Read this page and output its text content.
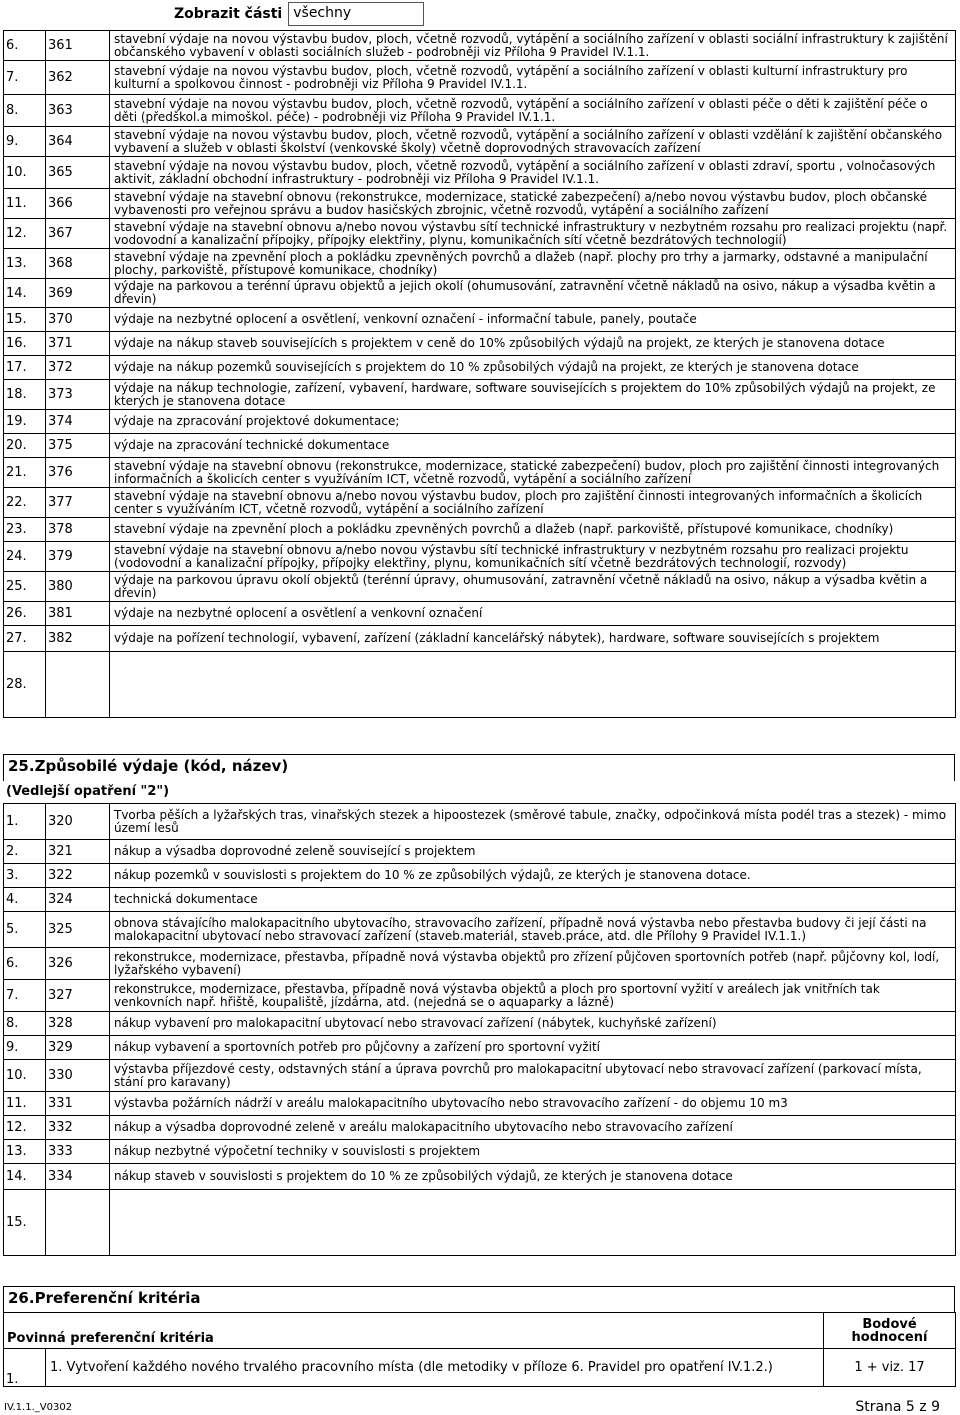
Zobrazit části všechny
6.	361	stavební výdaje na novou výstavbu budov, ploch, včetně rozvodů, vytápění a sociálního zařízení v oblasti sociální infrastruktury k zajištění občanského vybavení v oblasti sociálních služeb - podrobněji viz Příloha 9 Pravidel IV.1.1.
7.	362	stavební výdaje na novou výstavbu budov, ploch, včetně rozvodů, vytápění a sociálního zařízení v oblasti kulturní infrastruktury pro kulturní a spolkovou činnost - podrobněji viz Příloha 9 Pravidel IV.1.1.
8.	363	stavební výdaje na novou výstavbu budov, ploch, včetně rozvodů, vytápění a sociálního zařízení v oblasti péče o děti k zajištění péče o děti (předškol.a mimoškol. péče) - podrobněji viz Příloha 9 Pravidel IV.1.1.
9.	364	stavební výdaje na novou výstavbu budov, ploch, včetně rozvodů, vytápění a sociálního zařízení v oblasti vzdělání k zajištění občanského vybavení a služeb v oblasti školství (venkovské školy) včetně doprovodných stravovacích zařízení
10.	365	stavební výdaje na novou výstavbu budov, ploch, včetně rozvodů, vytápění a sociálního zařízení v oblasti zdraví, sportu , volnočasových aktivit, základní obchodní infrastruktury - podrobněji viz Příloha 9 Pravidel IV.1.1.
11.	366	stavební výdaje na stavební obnovu (rekonstrukce, modernizace, statické zabezpečení) a/nebo novou výstavbu budov, ploch občanské vybavenosti pro veřejnou správu a budov hasičských zbrojnic, včetně rozvodů, vytápění a sociálního zařízení
12.	367	stavební výdaje na stavební obnovu a/nebo novou výstavbu sítí technické infrastruktury v nezbytném rozsahu pro realizaci projektu (např. vodovodní a kanalizační přípojky, přípojky elektřiny, plynu, komunikačních sítí včetně bezdrátových technologií)
13.	368	stavební výdaje na zpevnění ploch a pokládku zpevněných povrchů a dlažeb (např. plochy pro trhy a jarmarky, odstavné a manipulační plochy, parkoviště, přístupové komunikace, chodníky)
14.	369	výdaje na parkovou a terénní úpravu objektů a jejich okolí (ohumusování, zatravnění včetně nákladů na osivo, nákup a výsadba květin a dřevin)
15.	370	výdaje na nezbytné oplocení a osvětlení, venkovní označení - informační tabule, panely, poutače
16.	371	výdaje na nákup staveb souvisejících s projektem v ceně do 10% způsobilých výdajů na projekt, ze kterých je stanovena dotace
17.	372	výdaje na nákup pozemků souvisejících s projektem do 10 % způsobilých výdajů na projekt, ze kterých je stanovena dotace
18.	373	výdaje na nákup technologie, zařízení, vybavení, hardware, software souvisejících s projektem do 10% způsobilých výdajů na projekt, ze kterých je stanovena dotace
19.	374	výdaje na zpracování projektové dokumentace;
20.	375	výdaje na zpracování technické dokumentace
21.	376	stavební výdaje na stavební obnovu (rekonstrukce, modernizace, statické zabezpečení) budov, ploch pro zajištění činnosti integrovaných informačních a školicích center s využíváním ICT, včetně rozvodů, vytápění a sociálního zařízení
22.	377	stavební výdaje na stavební obnovu a/nebo novou výstavbu budov, ploch pro zajištění činnosti integrovaných informačních a školicích center s využíváním ICT, včetně rozvodů, vytápění a sociálního zařízení
23.	378	stavební výdaje na zpevnění ploch a pokládku zpevněných povrchů a dlažeb (např. parkoviště, přístupové komunikace, chodníky)
24.	379	stavební výdaje na stavební obnovu a/nebo novou výstavbu sítí technické infrastruktury v nezbytném rozsahu pro realizaci projektu (vodovodní a kanalizační přípojky, přípojky elektřiny, plynu, komunikačních sítí včetně bezdrátových technologií, rozvody)
25.	380	výdaje na parkovou úpravu okolí objektů (terénní úpravy, ohumusování, zatravnění včetně nákladů na osivo, nákup a výsadba květin a dřevin)
26.	381	výdaje na nezbytné oplocení a osvětlení a venkovní označení
27.	382	výdaje na pořízení technologií, vybavení, zařízení (základní kancelářský nábytek), hardware, software souvisejících s projektem
28.		
25.Způsobilé výdaje (kód, název)
(Vedlejší opatření "2")
1.	320	Tvorba pěších a lyžařských tras, vinařských stezek a hipoostezek (směrové tabule, značky, odpočinková místa podél tras a stezek) - mimo území lesů
2.	321	nákup a výsadba doprovodné zeleně související s projektem
3.	322	nákup pozemků v souvislosti s projektem do 10 % ze způsobilých výdajů, ze kterých je stanovena dotace.
4.	324	technická dokumentace
5.	325	obnova stávajícího malokapacitního ubytovacího, stravovacího zařízení, případně nová výstavba nebo přestavba budovy či její části na malokapacitní ubytovací nebo stravovací zařízení (staveb.materiál, staveb.práce, atd. dle Přílohy 9 Pravidel IV.1.1.)
6.	326	rekonstrukce, modernizace, přestavba, případně nová výstavba objektů pro zřízení půjčoven sportovních potřeb (např. půjčovny kol, lodí, lyžařského vybavení)
7.	327	rekonstrukce, modernizace, přestavba, případně nová výstavba objektů a ploch pro sportovní vyžití v areálech jak vnitřních tak venkovních např. hřiště, koupaliště, jízdárna, atd. (nejedná se o aquaparky a lázně)
8.	328	nákup vybavení pro malokapacitní ubytovací nebo stravovací zařízení (nábytek, kuchyňské zařízení)
9.	329	nákup vybavení a sportovních potřeb pro půjčovny a zařízení pro sportovní vyžití
10.	330	výstavba příjezdové cesty, odstavných stání a úprava povrchů pro malokapacitní ubytovací nebo stravovací zařízení (parkovací místa, stání pro karavany)
11.	331	výstavba požárních nádrží v areálu malokapacitního ubytovacího nebo stravovacího zařízení - do objemu 10 m3
12.	332	nákup a výsadba doprovodné zeleně v areálu malokapacitního ubytovacího nebo stravovacího zařízení
13.	333	nákup nezbytné výpočetní techniky v souvislosti s projektem
14.	334	nákup staveb v souvislosti s projektem do 10 % ze způsobilých výdajů, ze kterých je stanovena dotace
15.		
26.Preferenční kritéria
Povinná preferenční kritéria		Bodové hodnocení
1.	1. Vytvoření každého nového trvalého pracovního místa (dle metodiky v příloze 6. Pravidel pro opatření IV.1.2.)	1 + viz. 17
IV.1.1._V0302	Strana 5 z 9
